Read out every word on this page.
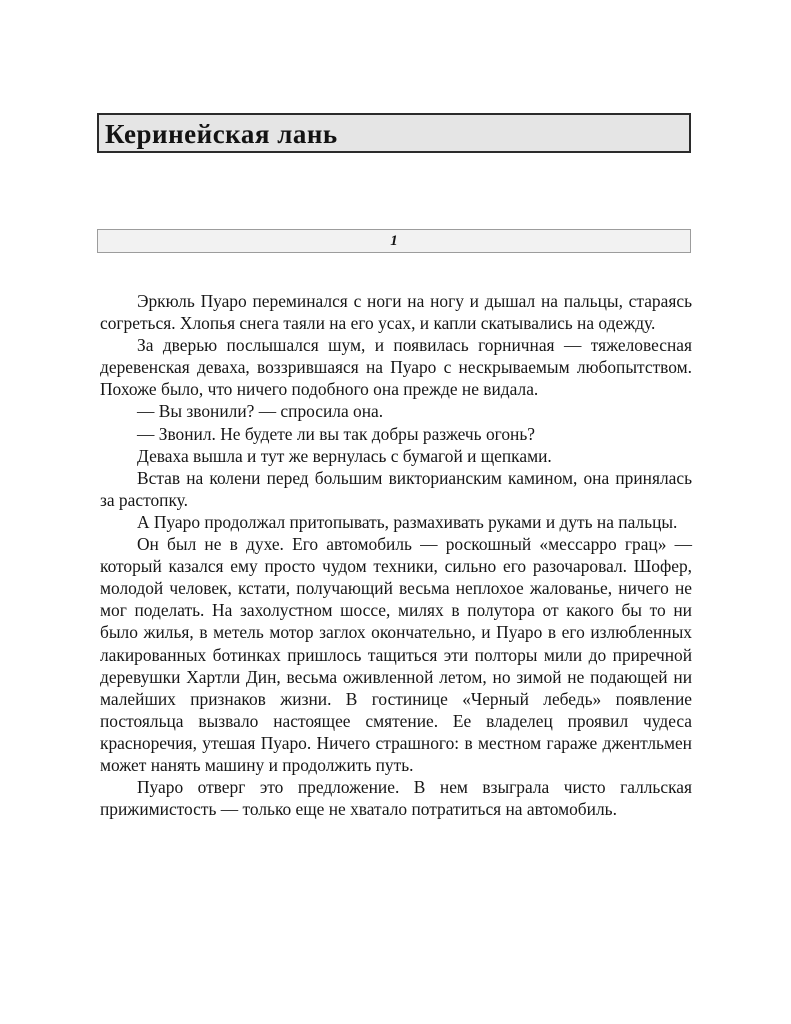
Керинейская лань
1

Эркюль Пуаро переминался с ноги на ногу и дышал на пальцы, стараясь согреться. Хлопья снега таяли на его усах, и капли скатывались на одежду.

За дверью послышался шум, и появилась горничная — тяжеловесная деревенская деваха, воззрившаяся на Пуаро с нескрываемым любопытством. Похоже было, что ничего подобного она прежде не видала.

— Вы звонили? — спросила она.

— Звонил. Не будете ли вы так добры разжечь огонь?

Деваха вышла и тут же вернулась с бумагой и щепками.

Встав на колени перед большим викторианским камином, она принялась за растопку.

А Пуаро продолжал притопывать, размахивать руками и дуть на пальцы.

Он был не в духе. Его автомобиль — роскошный «мессарро грац» — который казался ему просто чудом техники, сильно его разочаровал. Шофер, молодой человек, кстати, получающий весьма неплохое жалованье, ничего не мог поделать. На захолустном шоссе, милях в полутора от какого бы то ни было жилья, в метель мотор заглох окончательно, и Пуаро в его излюбленных лакированных ботинках пришлось тащиться эти полторы мили до приречной деревушки Хартли Дин, весьма оживленной летом, но зимой не подающей ни малейших признаков жизни. В гостинице «Черный лебедь» появление постояльца вызвало настоящее смятение. Ее владелец проявил чудеса красноречия, утешая Пуаро. Ничего страшного: в местном гараже джентльмен может нанять машину и продолжить путь.

Пуаро отверг это предложение. В нем взыграла чисто галльская прижимистость — только еще не хватало потратиться на автомобиль.
